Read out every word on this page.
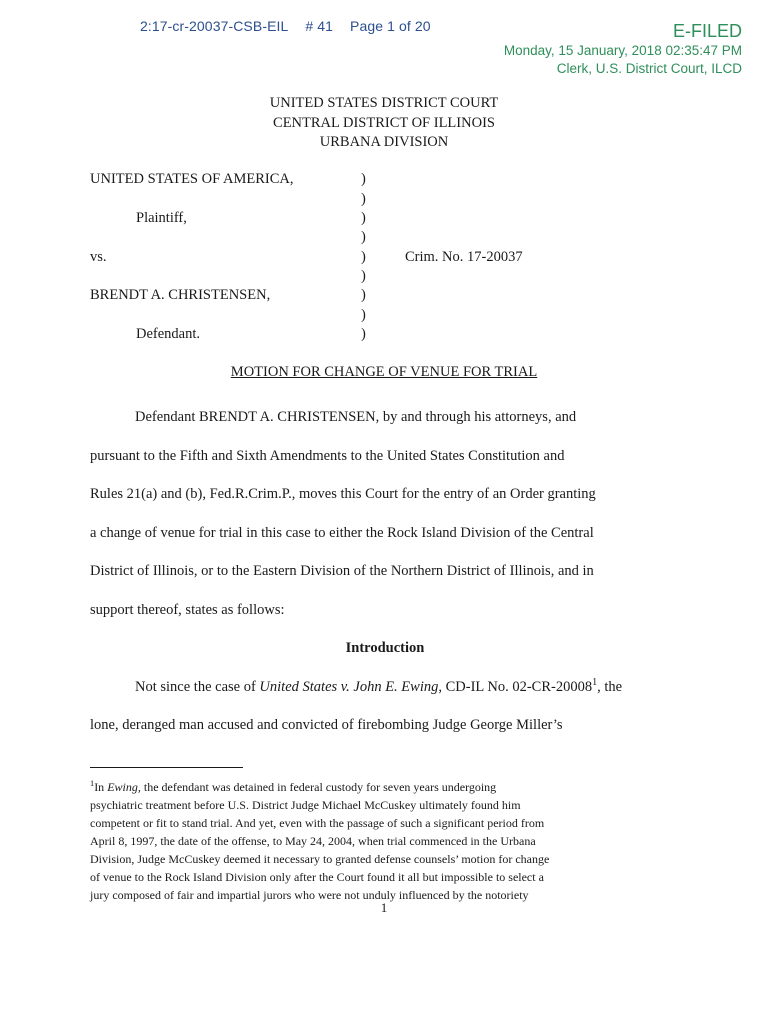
2:17-cr-20037-CSB-EIL # 41 Page 1 of 20	E-FILED
Monday, 15 January, 2018 02:35:47 PM
Clerk, U.S. District Court, ILCD
UNITED STATES DISTRICT COURT
CENTRAL DISTRICT OF ILLINOIS
URBANA DIVISION
UNITED STATES OF AMERICA,
Plaintiff,
vs.
BRENDT A. CHRISTENSEN,
Defendant.
)
)
)
)
)
)
)
)
)
Crim. No. 17-20037
MOTION FOR CHANGE OF VENUE FOR TRIAL
Defendant BRENDT A. CHRISTENSEN, by and through his attorneys, and
pursuant to the Fifth and Sixth Amendments to the United States Constitution and
Rules 21(a) and (b), Fed.R.Crim.P., moves this Court for the entry of an Order granting
a change of venue for trial in this case to either the Rock Island Division of the Central
District of Illinois, or to the Eastern Division of the Northern District of Illinois, and in
support thereof, states as follows:
Introduction
Not since the case of United States v. John E. Ewing, CD-IL No. 02-CR-20008$^1$, the
lone, deranged man accused and convicted of firebombing Judge George Miller’s
$^1$In Ewing, the defendant was detained in federal custody for seven years undergoing
psychiatric treatment before U.S. District Judge Michael McCuskey ultimately found him
competent or fit to stand trial. And yet, even with the passage of such a significant period from
April 8, 1997, the date of the offense, to May 24, 2004, when trial commenced in the Urbana
Division, Judge McCuskey deemed it necessary to granted defense counsels’ motion for change
of venue to the Rock Island Division only after the Court found it all but impossible to select a
jury composed of fair and impartial jurors who were not unduly influenced by the notoriety
1
